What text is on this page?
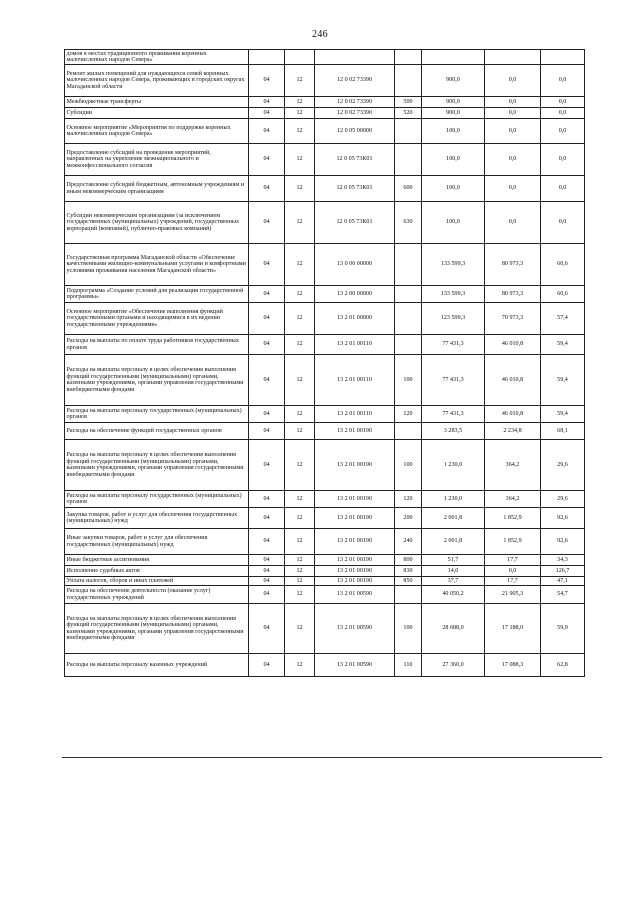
246
домов в местах традиционного проживания коренных малочисленных народов Севера»							
Ремонт жилых помещений для нуждающихся семей коренных малочисленных народов Севера, проживающих в городских округах Магаданской области	04	12	12 0 02 73390		900,0	0,0	0,0
Межбюджетные трансферты	04	12	12 0 02 73390	500	900,0	0,0	0,0
Субсидии	04	12	12 0 02 73390	520	900,0	0,0	0,0
Основное мероприятие «Мероприятия по поддержке коренных малочисленных народов Севера»	04	12	12 0 05 00000		100,0	0,0	0,0
Предоставление субсидий на проведение мероприятий, направленных на укрепление межнационального и межконфессионального согласия	04	12	12 0 05 73К01		100,0	0,0	0,0
Предоставление субсидий бюджетным, автономным учреждениям и иным некоммерческим организациям	04	12	12 0 05 73К01	600	100,0	0,0	0,0
Субсидии некоммерческим организациям (за исключением государственных (муниципальных) учреждений, государственных корпораций (компаний), публично-правовых компаний)	04	12	12 0 05 73К01	630	100,0	0,0	0,0
Государственная программа Магаданской области «Обеспечение качественными жилищно-коммунальными услугами и комфортными условиями проживания населения Магаданской области»	04	12	13 0 00 00000		133 599,3	80 973,3	60,6
Подпрограмма «Создание условий для реализации государственной программы»	04	12	13 2 00 00000		133 599,3	80 973,3	60,6
Основное мероприятие «Обеспечение выполнения функций государственными органами и находящимися в их ведении государственными учреждениями»	04	12	13 2 01 00000		123 599,3	70 973,3	57,4
Расходы на выплаты по оплате труда работников государственных органов	04	12	13 2 01 00110		77 431,3	46 010,8	59,4
Расходы на выплаты персоналу в целях обеспечения выполнения функций государственными (муниципальными) органами, казенными учреждениями, органами управления государственными внебюджетными фондами	04	12	13 2 01 00110	100	77 431,3	46 010,8	59,4
Расходы на выплаты персоналу государственных (муниципальных) органов	04	12	13 2 01 00110	120	77 431,3	46 010,8	59,4
Расходы на обеспечение функций государственных органов	04	12	13 2 01 00190		3 283,5	2 234,8	68,1
Расходы на выплаты персоналу в целях обеспечения выполнения функций государственными (муниципальными) органами, казенными учреждениями, органами управления государственными внебюджетными фондами	04	12	13 2 01 00190	100	1 230,0	364,2	29,6
Расходы на выплаты персоналу государственных (муниципальных) органов	04	12	13 2 01 00190	120	1 230,0	364,2	29,6
Закупка товаров, работ и услуг для обеспечения государственных (муниципальных) нужд	04	12	13 2 01 00190	200	2 001,8	1 852,9	92,6
Иные закупки товаров, работ и услуг для обеспечения государственных (муниципальных) нужд	04	12	13 2 01 00190	240	2 001,8	1 852,9	92,6
Иные бюджетные ассигнования	04	12	13 2 01 00190	800	51,7	17,7	34,3
Исполнение судебных актов	04	12	13 2 01 00190	830	14,0	0,0	126,7
Уплата налогов, сборов и иных платежей	04	12	13 2 01 00190	850	37,7	17,7	47,1
Расходы на обеспечение деятельности (оказание услуг) государственных учреждений	04	12	13 2 01 00590		40 050,2	21 905,3	54,7
Расходы на выплаты персоналу в целях обеспечения выполнения функций государственными (муниципальными) органами, казенными учреждениями, органами управления государственными внебюджетными фондами	04	12	13 2 01 00590	100	28 688,0	17 188,0	59,9
Расходы на выплаты персоналу казенных учреждений	04	12	13 2 01 00590	110	27 360,0	17 088,3	62,8
